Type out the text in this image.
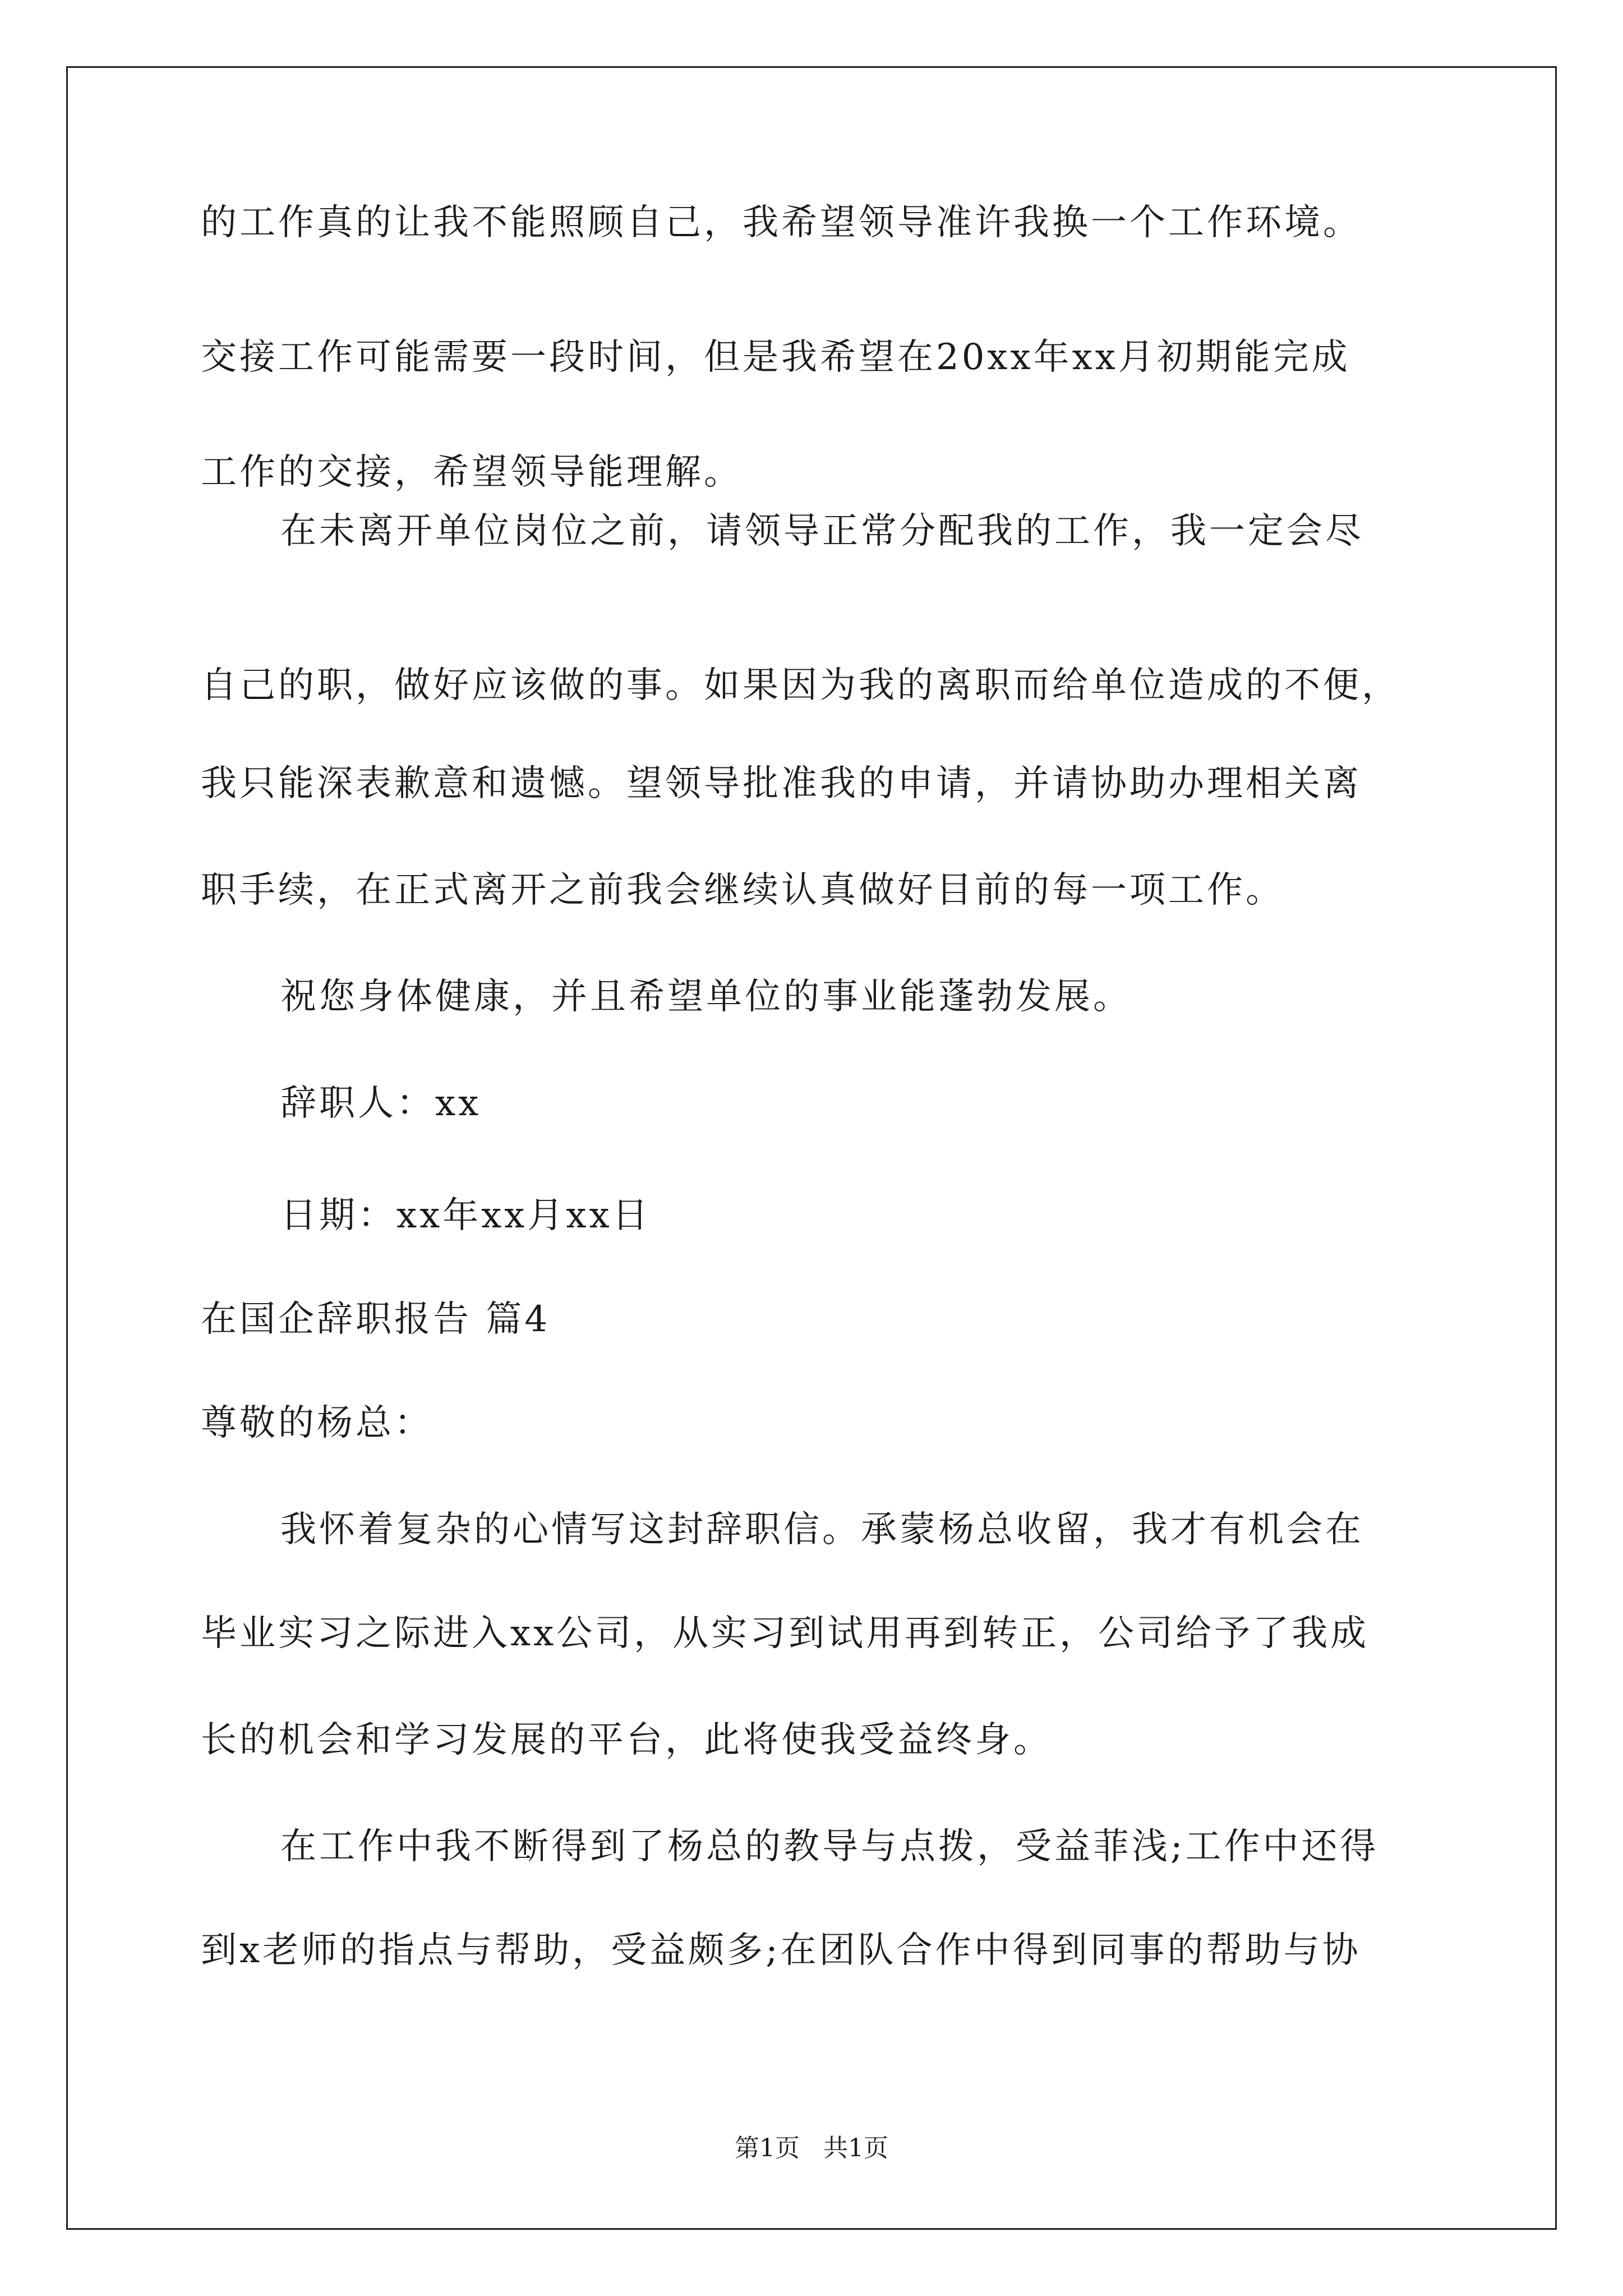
的工作真的让我不能照顾自己，我希望领导准许我换一个工作环境。
交接工作可能需要一段时间，但是我希望在20xx年xx月初期能完成
工作的交接，希望领导能理解。
在未离开单位岗位之前，请领导正常分配我的工作，我一定会尽
自己的职，做好应该做的事。如果因为我的离职而给单位造成的不便，
我只能深表歉意和遗憾。望领导批准我的申请，并请协助办理相关离
职手续，在正式离开之前我会继续认真做好目前的每一项工作。
祝您身体健康，并且希望单位的事业能蓬勃发展。
辞职人：xx
日期：xx年xx月xx日
在国企辞职报告 篇4
尊敬的杨总：
我怀着复杂的心情写这封辞职信。承蒙杨总收留，我才有机会在
毕业实习之际进入xx公司，从实习到试用再到转正，公司给予了我成
长的机会和学习发展的平台，此将使我受益终身。
在工作中我不断得到了杨总的教导与点拨，受益菲浅;工作中还得
到x老师的指点与帮助，受益颇多;在团队合作中得到同事的帮助与协
第1页   共1页
